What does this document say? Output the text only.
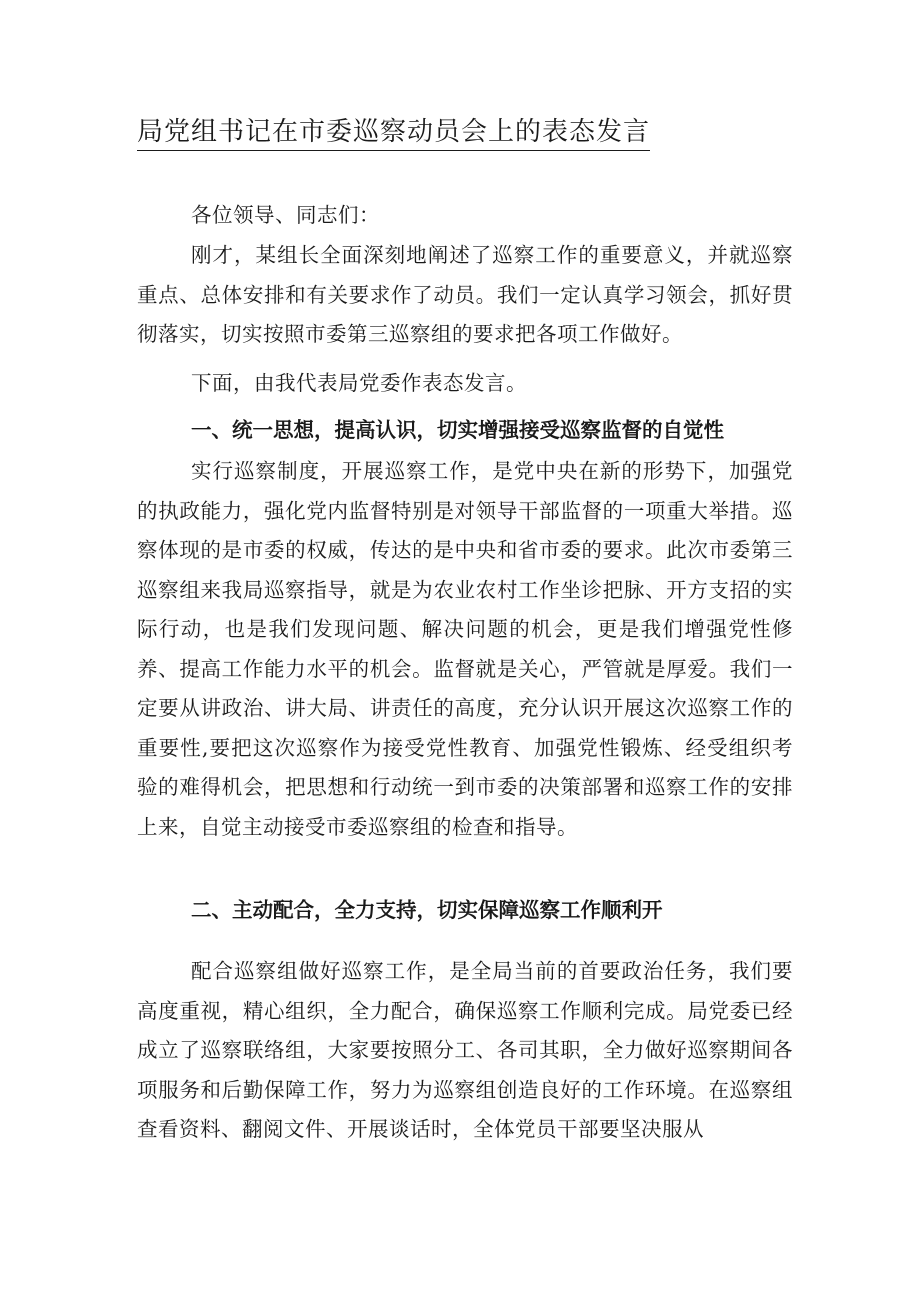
局党组书记在市委巡察动员会上的表态发言

各位领导、同志们：

刚才，某组长全面深刻地阐述了巡察工作的重要意义，并就巡察重点、总体安排和有关要求作了动员。我们一定认真学习领会，抓好贯彻落实，切实按照市委第三巡察组的要求把各项工作做好。

下面，由我代表局党委作表态发言。

一、统一思想，提高认识，切实增强接受巡察监督的自觉性

实行巡察制度，开展巡察工作，是党中央在新的形势下，加强党的执政能力，强化党内监督特别是对领导干部监督的一项重大举措。巡察体现的是市委的权威，传达的是中央和省市委的要求。此次市委第三巡察组来我局巡察指导，就是为农业农村工作坐诊把脉、开方支招的实际行动，也是我们发现问题、解决问题的机会，更是我们增强党性修养、提高工作能力水平的机会。监督就是关心，严管就是厚爱。我们一定要从讲政治、讲大局、讲责任的高度，充分认识开展这次巡察工作的重要性,要把这次巡察作为接受党性教育、加强党性锻炼、经受组织考验的难得机会，把思想和行动统一到市委的决策部署和巡察工作的安排上来，自觉主动接受市委巡察组的检查和指导。

二、主动配合，全力支持，切实保障巡察工作顺利开

配合巡察组做好巡察工作，是全局当前的首要政治任务，我们要高度重视，精心组织，全力配合，确保巡察工作顺利完成。局党委已经成立了巡察联络组，大家要按照分工、各司其职，全力做好巡察期间各项服务和后勤保障工作，努力为巡察组创造良好的工作环境。在巡察组查看资料、翻阅文件、开展谈话时，全体党员干部要坚决服从
